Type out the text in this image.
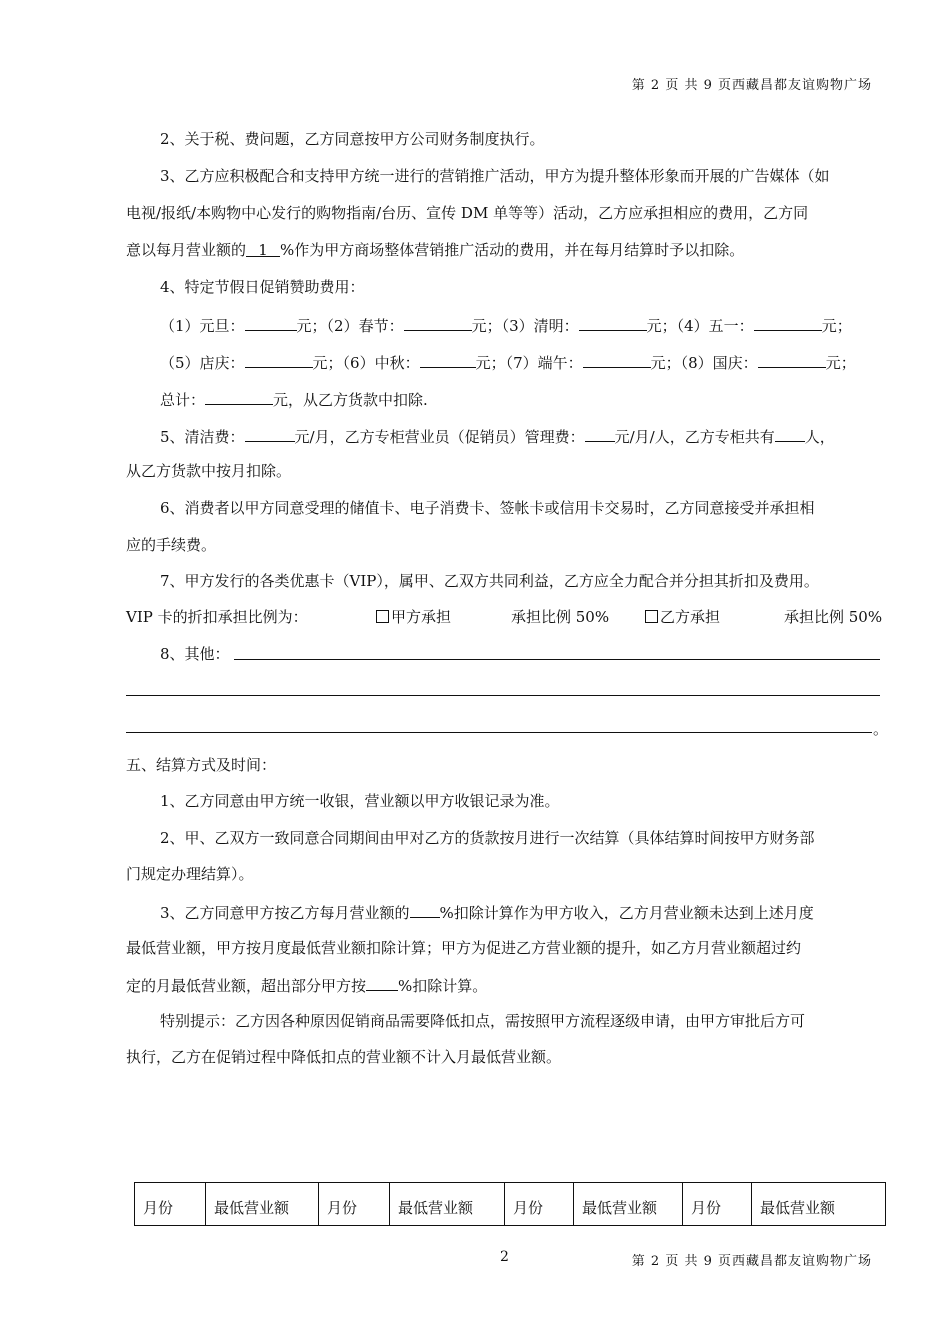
第 2 页 共 9 页西藏昌都友谊购物广场
2、关于税、费问题，乙方同意按甲方公司财务制度执行。
3、乙方应积极配合和支持甲方统一进行的营销推广活动，甲方为提升整体形象而开展的广告媒体（如
电视/报纸/本购物中心发行的购物指南/台历、宣传 DM 单等等）活动，乙方应承担相应的费用，乙方同
意以每月营业额的 1 %作为甲方商场整体营销推广活动的费用，并在每月结算时予以扣除。
4、特定节假日促销赞助费用：
（1）元旦：	元；（2）春节：	元；（3）清明：	元；（4）五一：	元；
（5）店庆：	元；（6）中秋：	元；（7）端午：	元；（8）国庆：	元；
总计：	元，从乙方货款中扣除.
5、清洁费：	元/月，乙方专柜营业员（促销员）管理费： 元/月/人，乙方专柜共有 人，
从乙方货款中按月扣除。
6、消费者以甲方同意受理的储值卡、电子消费卡、签帐卡或信用卡交易时，乙方同意接受并承担相
应的手续费。
7、甲方发行的各类优惠卡（VIP），属甲、乙双方共同利益，乙方应全力配合并分担其折扣及费用。
VIP 卡的折扣承担比例为：	甲方承担	承担比例 50%	乙方承担	承担比例 50%
8、其他：
。
五、结算方式及时间：
1、乙方同意由甲方统一收银，营业额以甲方收银记录为准。
2、甲、乙双方一致同意合同期间由甲对乙方的货款按月进行一次结算（具体结算时间按甲方财务部
门规定办理结算）。
3、乙方同意甲方按乙方每月营业额的 %扣除计算作为甲方收入，乙方月营业额未达到上述月度
最低营业额，甲方按月度最低营业额扣除计算；甲方为促进乙方营业额的提升，如乙方月营业额超过约
定的月最低营业额，超出部分甲方按 %扣除计算。
特别提示：乙方因各种原因促销商品需要降低扣点，需按照甲方流程逐级申请，由甲方审批后方可
执行，乙方在促销过程中降低扣点的营业额不计入月最低营业额。
月份	最低营业额	月份	最低营业额	月份	最低营业额	月份	最低营业额
2	第 2 页 共 9 页西藏昌都友谊购物广场
